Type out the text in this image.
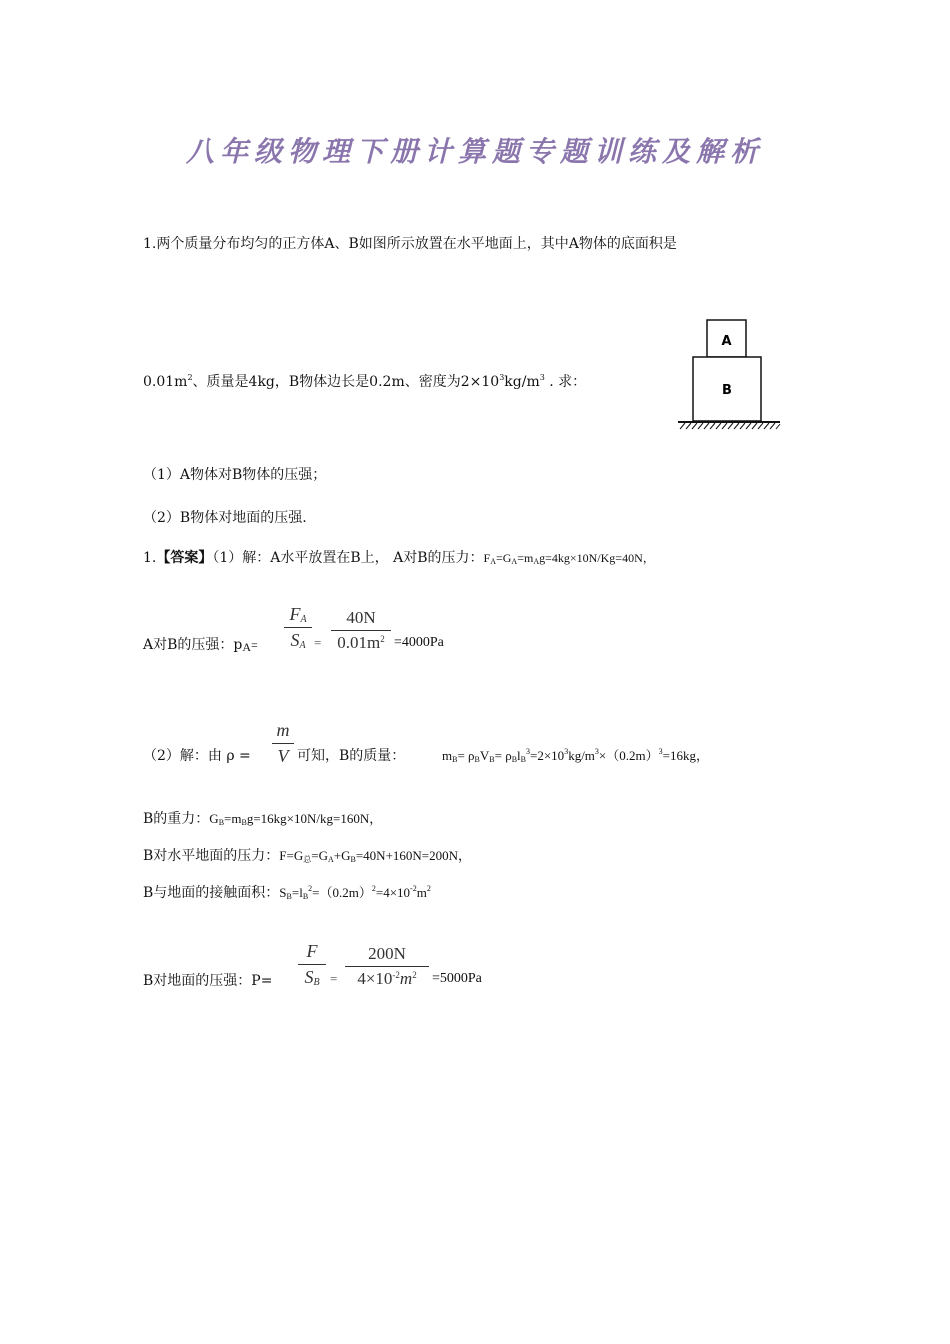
八年级物理下册计算题专题训练及解析
1.两个质量分布均匀的正方体A、B如图所示放置在水平地面上，其中A物体的底面积是
$0.01m^2$、质量是4kg，B物体边长是0.2m、密度为$2\times 10^3kg/m^3$ . 求：
A
B
（1）A物体对B物体的压强；
（2）B物体对地面的压强.
1.【答案】（1）解：A水平放置在B上， A对B的压力：$F_A=G_A=m_Ag=4kg\times 10N/Kg=40N$，
A对B的压强：$p_A=$
$F_A$
$S_A$ =
40N
$0.01m^2 =4000Pa$
（2）解：由 ρ =
m
V 可知，B的质量：	$m_B= \rho_BV_B= \rho_Bl_B^3=2\times 10^3kg/m^3\times(0.2m)^3=16kg$，
B的重力：$G_B=m_Bg=16kg\times 10N/kg=160N$，
B对水平地面的压力：$F=G_总=G_A+G_B=40N+160N=200N$，
B与地面的接触面积：$S_B=l_B^2=(0.2m)^2=4\times 10^{-2}m^2$
B对地面的压强：P=
F
$S_B$ =
200N
$4\times 10^{-2}m^2$	=5000Pa
